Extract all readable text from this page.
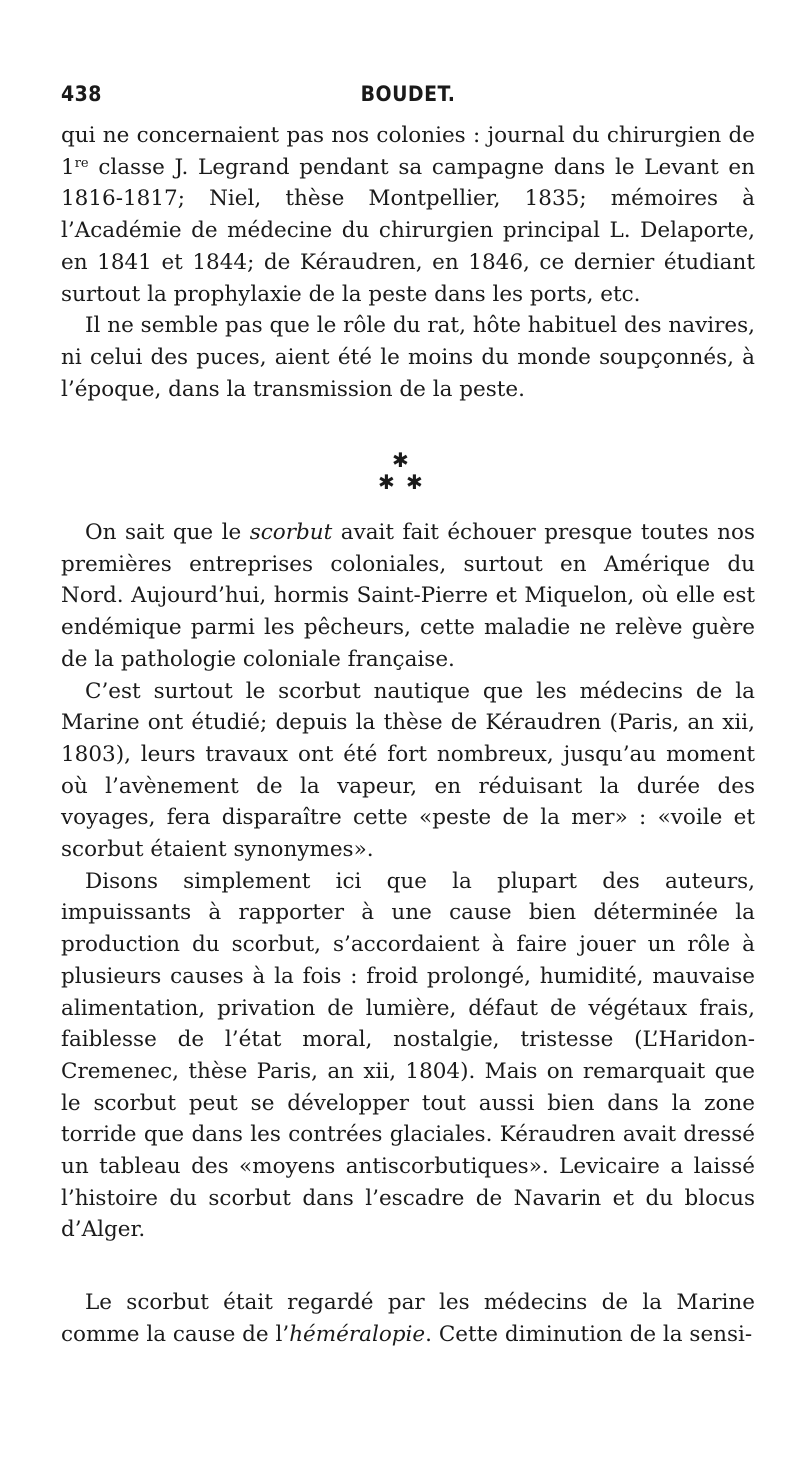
438	BOUDET.

qui ne concernaient pas nos colonies : journal du chirurgien de 1re classe J. Legrand pendant sa campagne dans le Levant en 1816-1817; Niel, thèse Montpellier, 1835; mémoires à l’Académie de médecine du chirurgien principal L. Delaporte, en 1841 et 1844; de Kéraudren, en 1846, ce dernier étudiant surtout la prophylaxie de la peste dans les ports, etc.

Il ne semble pas que le rôle du rat, hôte habituel des navires, ni celui des puces, aient été le moins du monde soupçonnés, à l’époque, dans la transmission de la peste.

✱
✱ ✱

On sait que le scorbut avait fait échouer presque toutes nos premières entreprises coloniales, surtout en Amérique du Nord. Aujourd’hui, hormis Saint-Pierre et Miquelon, où elle est endémique parmi les pêcheurs, cette maladie ne relève guère de la pathologie coloniale française.

C’est surtout le scorbut nautique que les médecins de la Marine ont étudié; depuis la thèse de Kéraudren (Paris, an xii, 1803), leurs travaux ont été fort nombreux, jusqu’au moment où l’avènement de la vapeur, en réduisant la durée des voyages, fera disparaître cette «peste de la mer» : «voile et scorbut étaient synonymes».

Disons simplement ici que la plupart des auteurs, impuissants à rapporter à une cause bien déterminée la production du scorbut, s’accordaient à faire jouer un rôle à plusieurs causes à la fois : froid prolongé, humidité, mauvaise alimentation, privation de lumière, défaut de végétaux frais, faiblesse de l’état moral, nostalgie, tristesse (L’Haridon-Cremenec, thèse Paris, an xii, 1804). Mais on remarquait que le scorbut peut se développer tout aussi bien dans la zone torride que dans les contrées glaciales. Kéraudren avait dressé un tableau des «moyens antiscorbutiques». Levicaire a laissé l’histoire du scorbut dans l’escadre de Navarin et du blocus d’Alger.

Le scorbut était regardé par les médecins de la Marine comme la cause de l’héméralopie. Cette diminution de la sensi-
